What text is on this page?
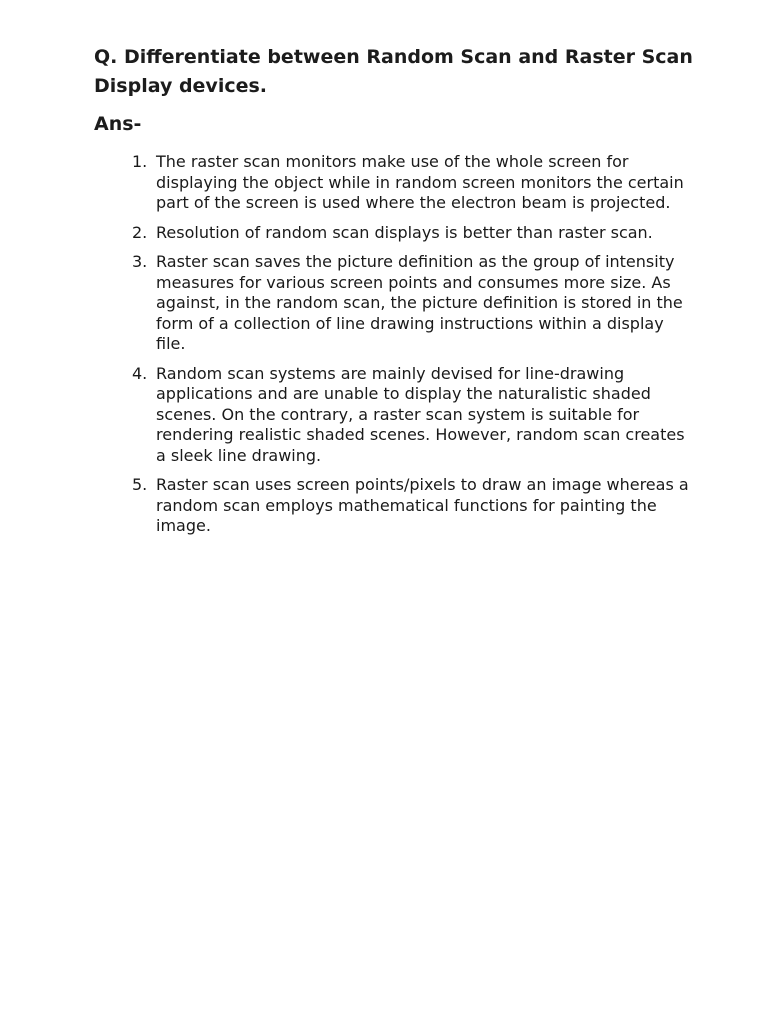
Q. Differentiate between Random Scan and Raster Scan Display devices.
Ans-
1. The raster scan monitors make use of the whole screen for displaying the object while in random screen monitors the certain part of the screen is used where the electron beam is projected.
2. Resolution of random scan displays is better than raster scan.
3. Raster scan saves the picture definition as the group of intensity measures for various screen points and consumes more size. As against, in the random scan, the picture definition is stored in the form of a collection of line drawing instructions within a display file.
4. Random scan systems are mainly devised for line-drawing applications and are unable to display the naturalistic shaded scenes. On the contrary, a raster scan system is suitable for rendering realistic shaded scenes. However, random scan creates a sleek line drawing.
5. Raster scan uses screen points/pixels to draw an image whereas a random scan employs mathematical functions for painting the image.
